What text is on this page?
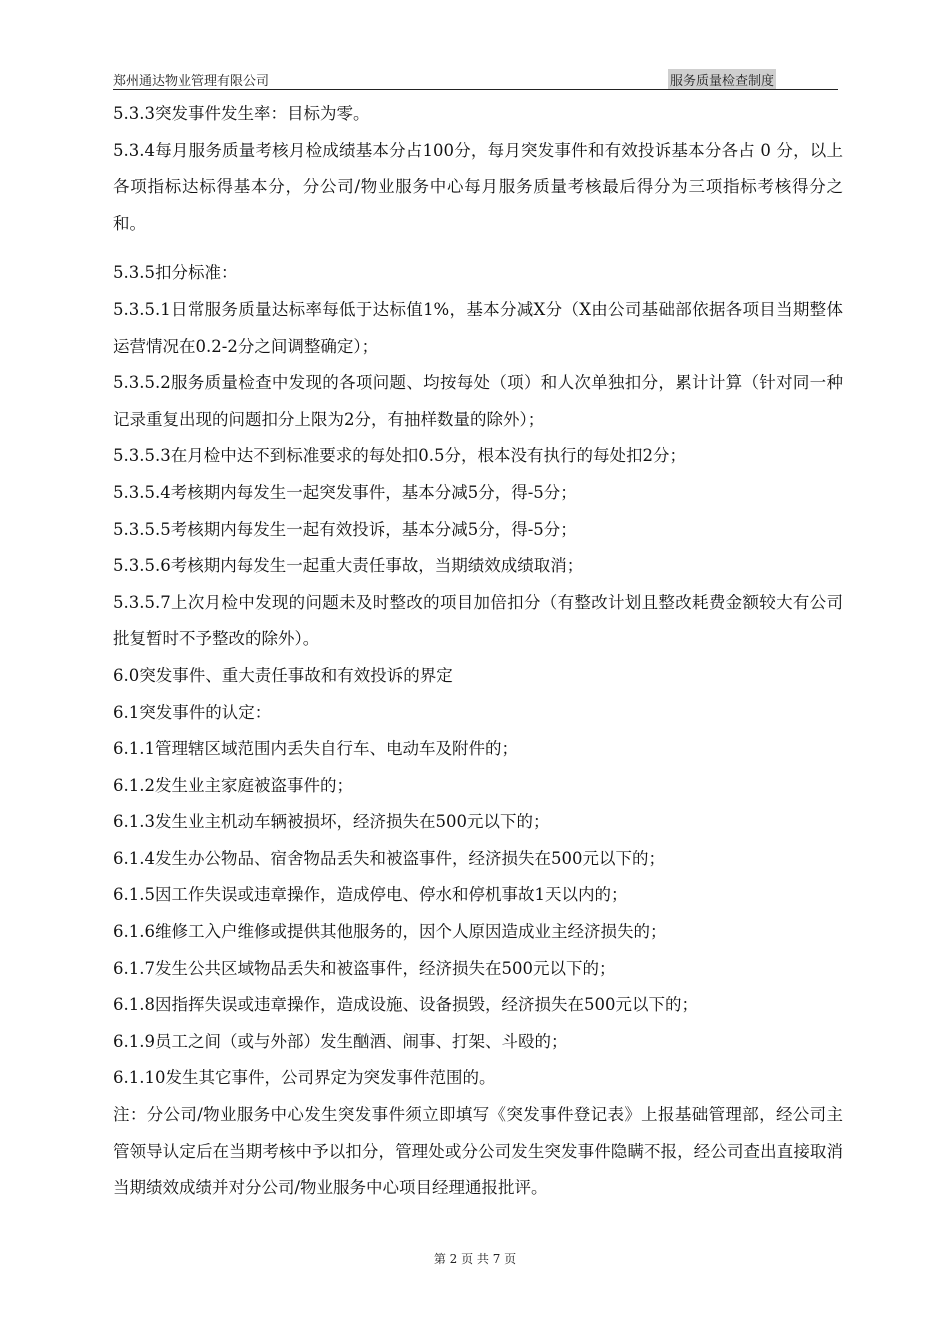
郑州通达物业管理有限公司	服务质量检查制度

5.3.3突发事件发生率：目标为零。

5.3.4每月服务质量考核月检成绩基本分占100分，每月突发事件和有效投诉基本分各占 0 分，以上各项指标达标得基本分，分公司/物业服务中心每月服务质量考核最后得分为三项指标考核得分之和。

5.3.5扣分标准：

5.3.5.1日常服务质量达标率每低于达标值1%，基本分减X分（X由公司基础部依据各项目当期整体运营情况在0.2-2分之间调整确定）；

5.3.5.2服务质量检查中发现的各项问题、均按每处（项）和人次单独扣分，累计计算（针对同一种记录重复出现的问题扣分上限为2分，有抽样数量的除外）；

5.3.5.3在月检中达不到标准要求的每处扣0.5分，根本没有执行的每处扣2分；

5.3.5.4考核期内每发生一起突发事件，基本分减5分，得-5分；

5.3.5.5考核期内每发生一起有效投诉，基本分减5分，得-5分；

5.3.5.6考核期内每发生一起重大责任事故，当期绩效成绩取消；

5.3.5.7上次月检中发现的问题未及时整改的项目加倍扣分（有整改计划且整改耗费金额较大有公司批复暂时不予整改的除外）。

6.0突发事件、重大责任事故和有效投诉的界定

6.1突发事件的认定：

6.1.1管理辖区域范围内丢失自行车、电动车及附件的；

6.1.2发生业主家庭被盗事件的；

6.1.3发生业主机动车辆被损坏，经济损失在500元以下的；

6.1.4发生办公物品、宿舍物品丢失和被盗事件，经济损失在500元以下的；

6.1.5因工作失误或违章操作，造成停电、停水和停机事故1天以内的；

6.1.6维修工入户维修或提供其他服务的，因个人原因造成业主经济损失的；

6.1.7发生公共区域物品丢失和被盗事件，经济损失在500元以下的；

6.1.8因指挥失误或违章操作，造成设施、设备损毁，经济损失在500元以下的；

6.1.9员工之间（或与外部）发生酗酒、闹事、打架、斗殴的；

6.1.10发生其它事件，公司界定为突发事件范围的。

注：分公司/物业服务中心发生突发事件须立即填写《突发事件登记表》上报基础管理部，经公司主管领导认定后在当期考核中予以扣分，管理处或分公司发生突发事件隐瞒不报，经公司查出直接取消当期绩效成绩并对分公司/物业服务中心项目经理通报批评。

第 2 页 共 7 页
